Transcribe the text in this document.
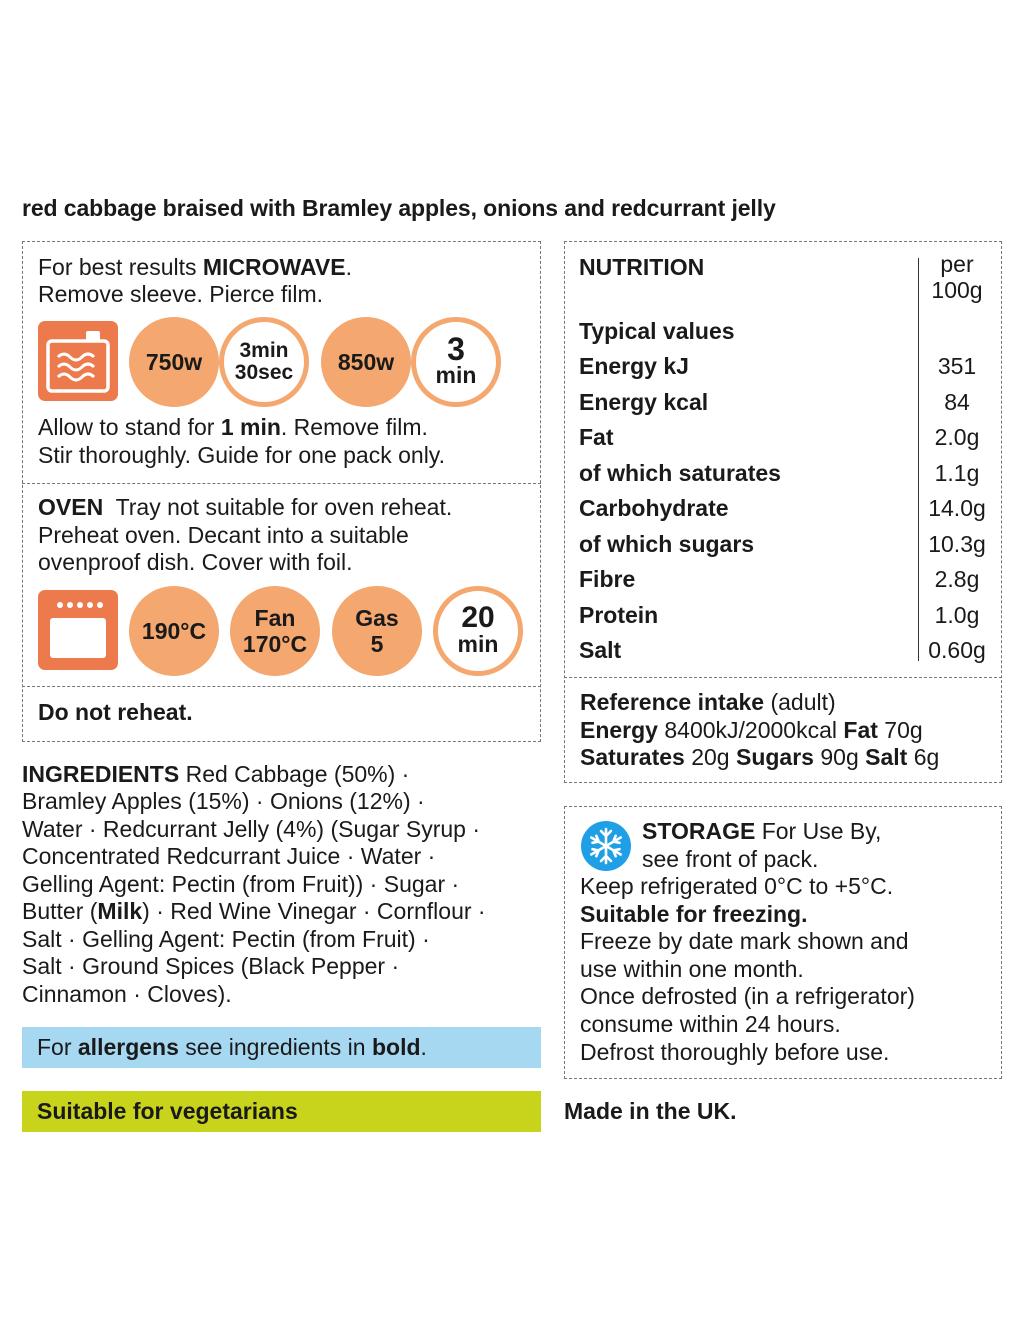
red cabbage braised with Bramley apples, onions and redcurrant jelly
For best results MICROWAVE.
Remove sleeve. Pierce film.
750w 3min
30sec 850w 3
min
Allow to stand for 1 min. Remove film.
Stir thoroughly. Guide for one pack only.
OVEN Tray not suitable for oven reheat.
Preheat oven. Decant into a suitable
ovenproof dish. Cover with foil.
190°C Fan
170°C
Gas
5
20
min
Do not reheat.
INGREDIENTS Red Cabbage (50%) ·
Bramley Apples (15%) · Onions (12%) ·
Water · Redcurrant Jelly (4%) (Sugar Syrup ·
Concentrated Redcurrant Juice · Water ·
Gelling Agent: Pectin (from Fruit)) · Sugar ·
Butter (Milk) · Red Wine Vinegar · Cornflour ·
Salt · Gelling Agent: Pectin (from Fruit) ·
Salt · Ground Spices (Black Pepper ·
Cinnamon · Cloves).
For allergens see ingredients in bold.
Suitable for vegetarians
NUTRITION	per
100g
Typical values
Energy kJ	351
Energy kcal	84
Fat	2.0g
of which saturates	1.1g
Carbohydrate	14.0g
of which sugars	10.3g
Fibre	2.8g
Protein	1.0g
Salt	0.60g
Reference intake (adult)
Energy 8400kJ/2000kcal Fat 70g
Saturates 20g Sugars 90g Salt 6g
STORAGE For Use By,
see front of pack.
Keep refrigerated 0°C to +5°C.
Suitable for freezing.
Freeze by date mark shown and
use within one month.
Once defrosted (in a refrigerator)
consume within 24 hours.
Defrost thoroughly before use.
Made in the UK.
